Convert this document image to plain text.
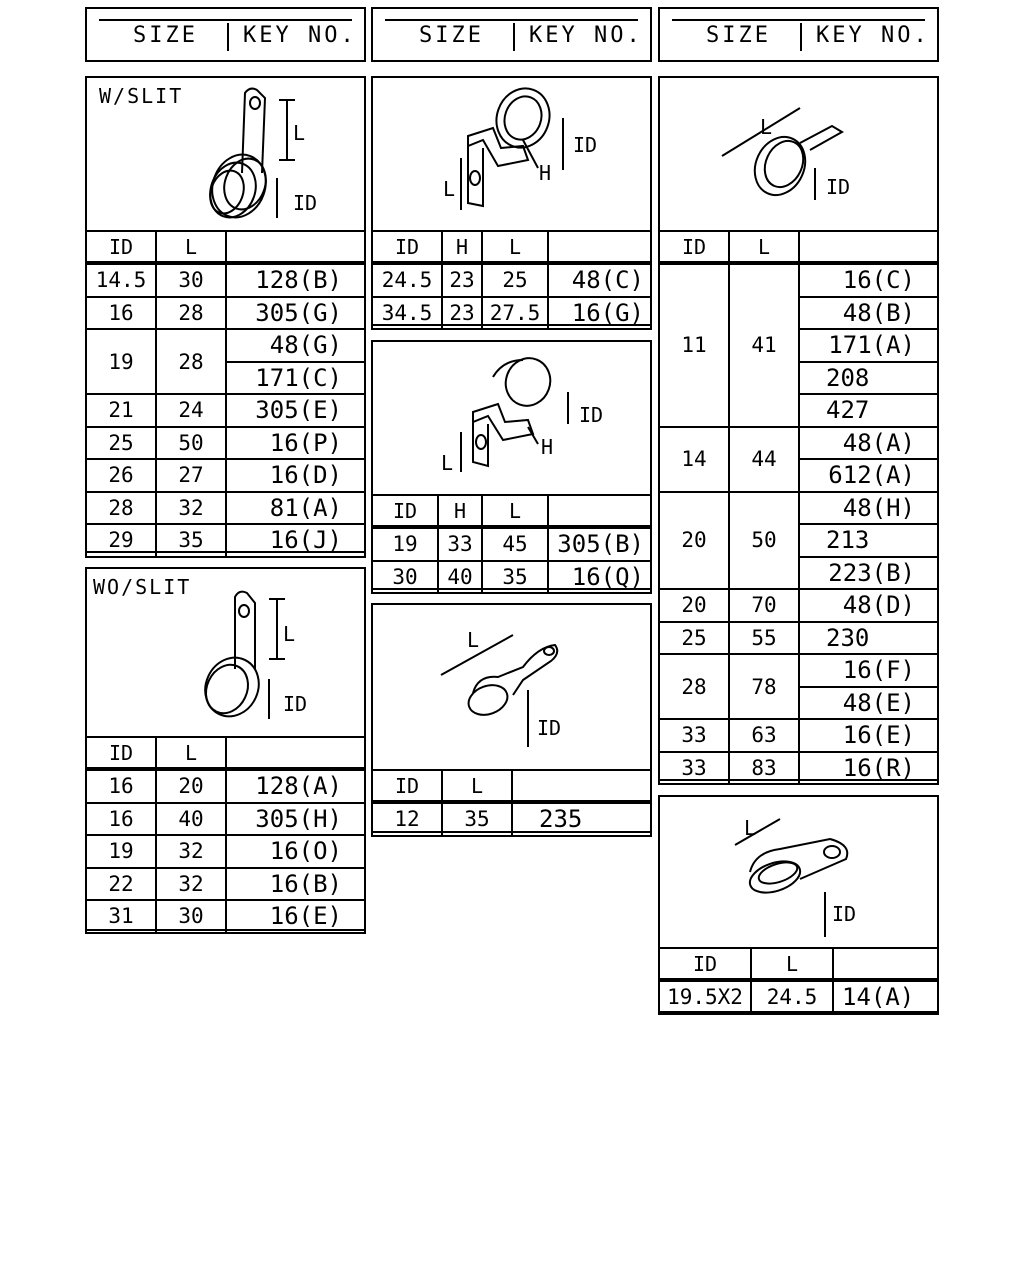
SIZE KEY NO.	SIZE KEY NO.	SIZE KEY NO.
W/SLIT
L
ID
ID	L	
14.5	30	128(B)
16	28	305(G)
19	28	48(G)
		171(C)
21	24	305(E)
25	50	16(P)
26	27	16(D)
28	32	81(A)
29	35	16(J)
WO/SLIT
L
ID
ID	L	
16	20	128(A)
16	40	305(H)
19	32	16(O)
22	32	16(B)
31	30	16(E)
L
H
ID
ID	H	L	
24.5	23	25	48(C)
34.5	23	27.5	16(G)
L
H
ID
ID	H	L	
19	33	45	305(B)
30	40	35	16(Q)
L
ID
ID	L	
12	35	235
L
ID
ID	L	
11	41	16(C)
		48(B)
		171(A)
		208
		427
14	44	48(A)
		612(A)
20	50	48(H)
		213
		223(B)
20	70	48(D)
25	55	230
28	78	16(F)
		48(E)
33	63	16(E)
33	83	16(R)
L
ID
ID	L	
19.5X2	24.5	14(A)
